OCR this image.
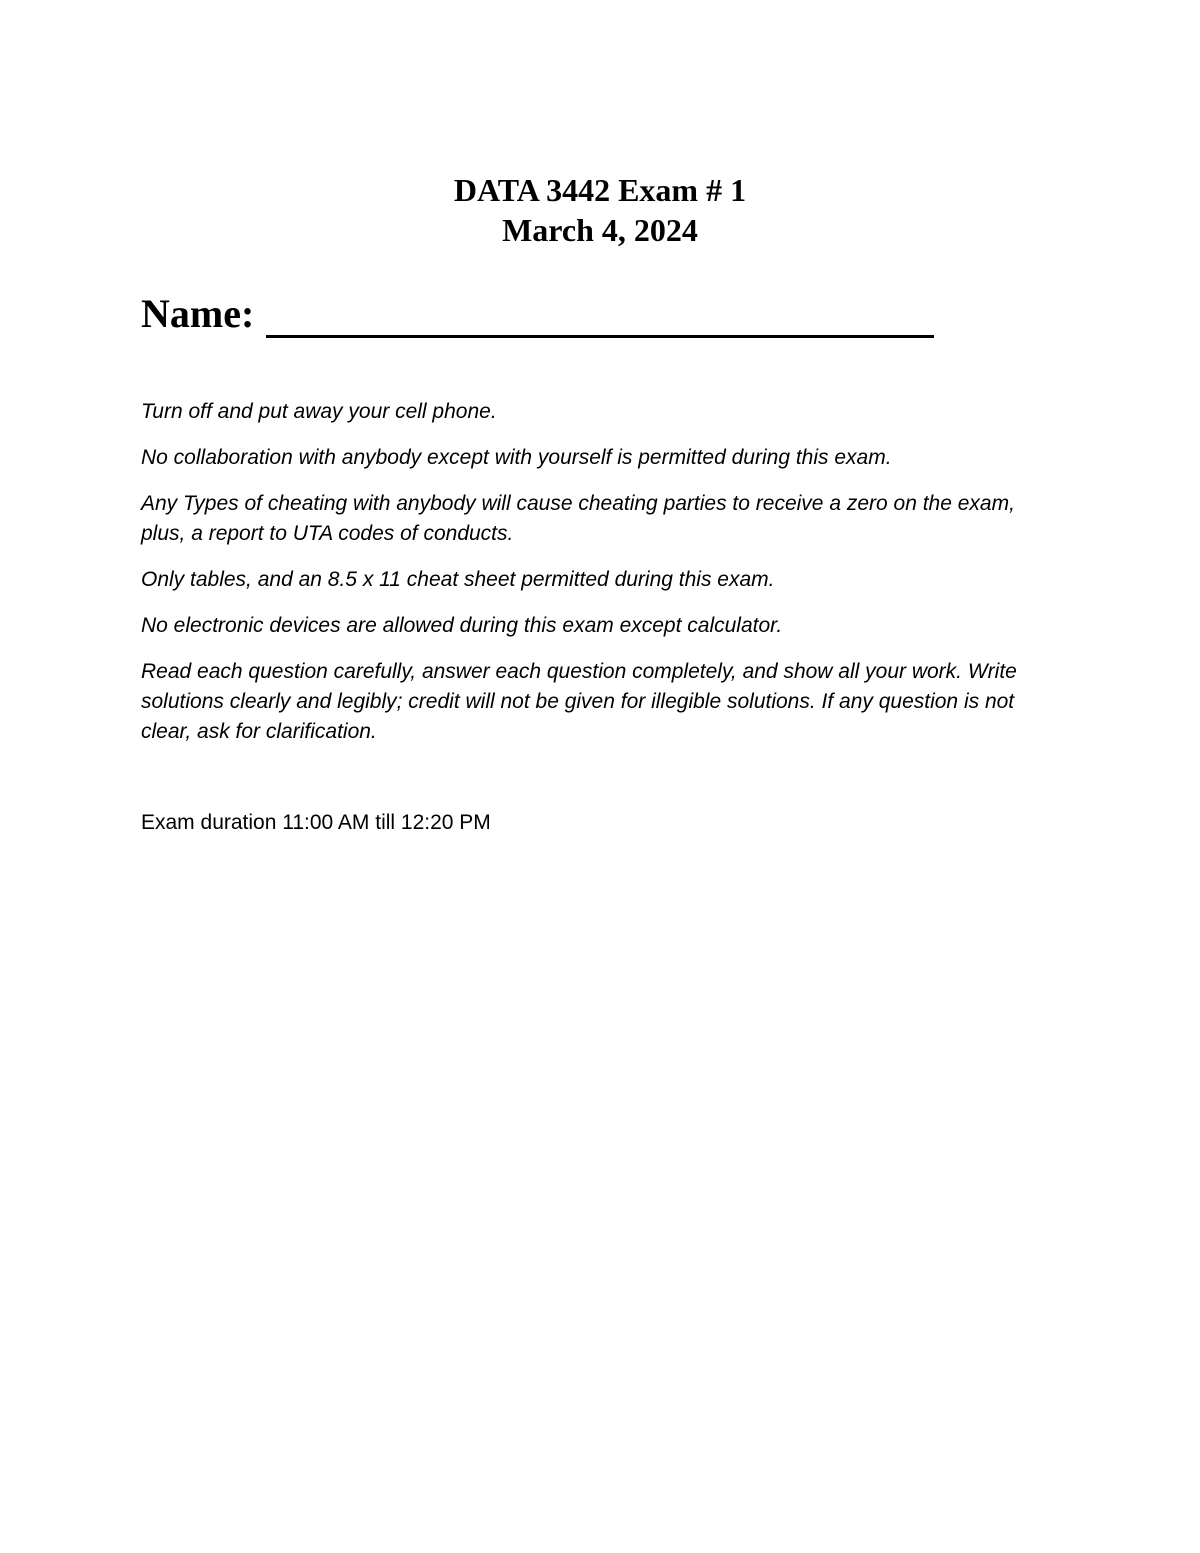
DATA 3442 Exam # 1
March 4, 2024
Name:

Turn off and put away your cell phone.

No collaboration with anybody except with yourself is permitted during this exam.

Any Types of cheating with anybody will cause cheating parties to receive a zero on the exam, plus, a report to UTA codes of conducts.

Only tables, and an 8.5 x 11 cheat sheet permitted during this exam.

No electronic devices are allowed during this exam except calculator.

Read each question carefully, answer each question completely, and show all your work. Write solutions clearly and legibly; credit will not be given for illegible solutions. If any question is not clear, ask for clarification.

Exam duration 11:00 AM till 12:20 PM
